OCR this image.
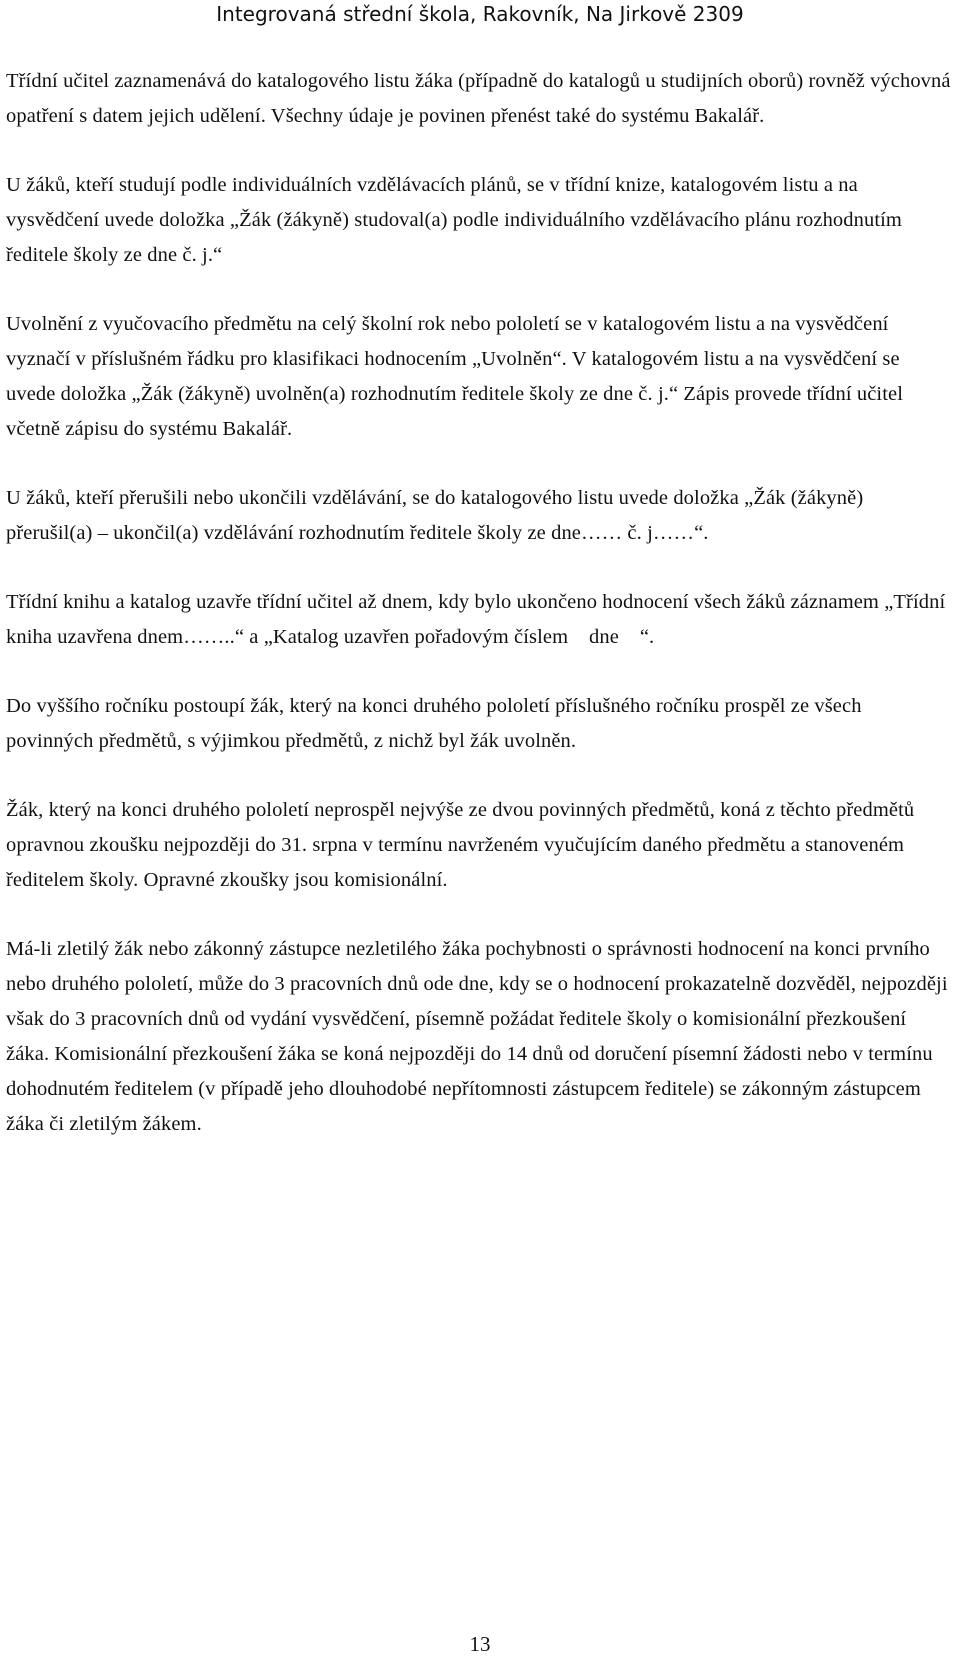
Integrovaná střední škola, Rakovník, Na Jirkově 2309

Třídní učitel zaznamenává do katalogového listu žáka (případně do katalogů u studijních oborů) rovněž výchovná opatření s datem jejich udělení. Všechny údaje je povinen přenést také do systému Bakalář.

U žáků, kteří studují podle individuálních vzdělávacích plánů, se v třídní knize, katalogovém listu a na vysvědčení uvede doložka „Žák (žákyně) studoval(a) podle individuálního vzdělávacího plánu rozhodnutím ředitele školy ze dne č. j.“

Uvolnění z vyučovacího předmětu na celý školní rok nebo pololetí se v katalogovém listu a na vysvědčení vyznačí v příslušném řádku pro klasifikaci hodnocením „Uvolněn“. V katalogovém listu a na vysvědčení se uvede doložka „Žák (žákyně) uvolněn(a) rozhodnutím ředitele školy ze dne č. j.“ Zápis provede třídní učitel včetně zápisu do systému Bakalář.

U žáků, kteří přerušili nebo ukončili vzdělávání, se do katalogového listu uvede doložka „Žák (žákyně) přerušil(a) – ukončil(a) vzdělávání rozhodnutím ředitele školy ze dne…… č. j……“.

Třídní knihu a katalog uzavře třídní učitel až dnem, kdy bylo ukončeno hodnocení všech žáků záznamem „Třídní kniha uzavřena dnem……..“ a „Katalog uzavřen pořadovým číslem    dne    “.

Do vyššího ročníku postoupí žák, který na konci druhého pololetí příslušného ročníku prospěl ze všech povinných předmětů, s výjimkou předmětů, z nichž byl žák uvolněn.

Žák, který na konci druhého pololetí neprospěl nejvýše ze dvou povinných předmětů, koná z těchto předmětů opravnou zkoušku nejpozději do 31. srpna v termínu navrženém vyučujícím daného předmětu a stanoveném ředitelem školy. Opravné zkoušky jsou komisionální.

Má-li zletilý žák nebo zákonný zástupce nezletilého žáka pochybnosti o správnosti hodnocení na konci prvního nebo druhého pololetí, může do 3 pracovních dnů ode dne, kdy se o hodnocení prokazatelně dozvěděl, nejpozději však do 3 pracovních dnů od vydání vysvědčení, písemně požádat ředitele školy o komisionální přezkoušení žáka. Komisionální přezkoušení žáka se koná nejpozději do 14 dnů od doručení písemní žádosti nebo v termínu dohodnutém ředitelem (v případě jeho dlouhodobé nepřítomnosti zástupcem ředitele) se zákonným zástupcem žáka či zletilým žákem.

13
